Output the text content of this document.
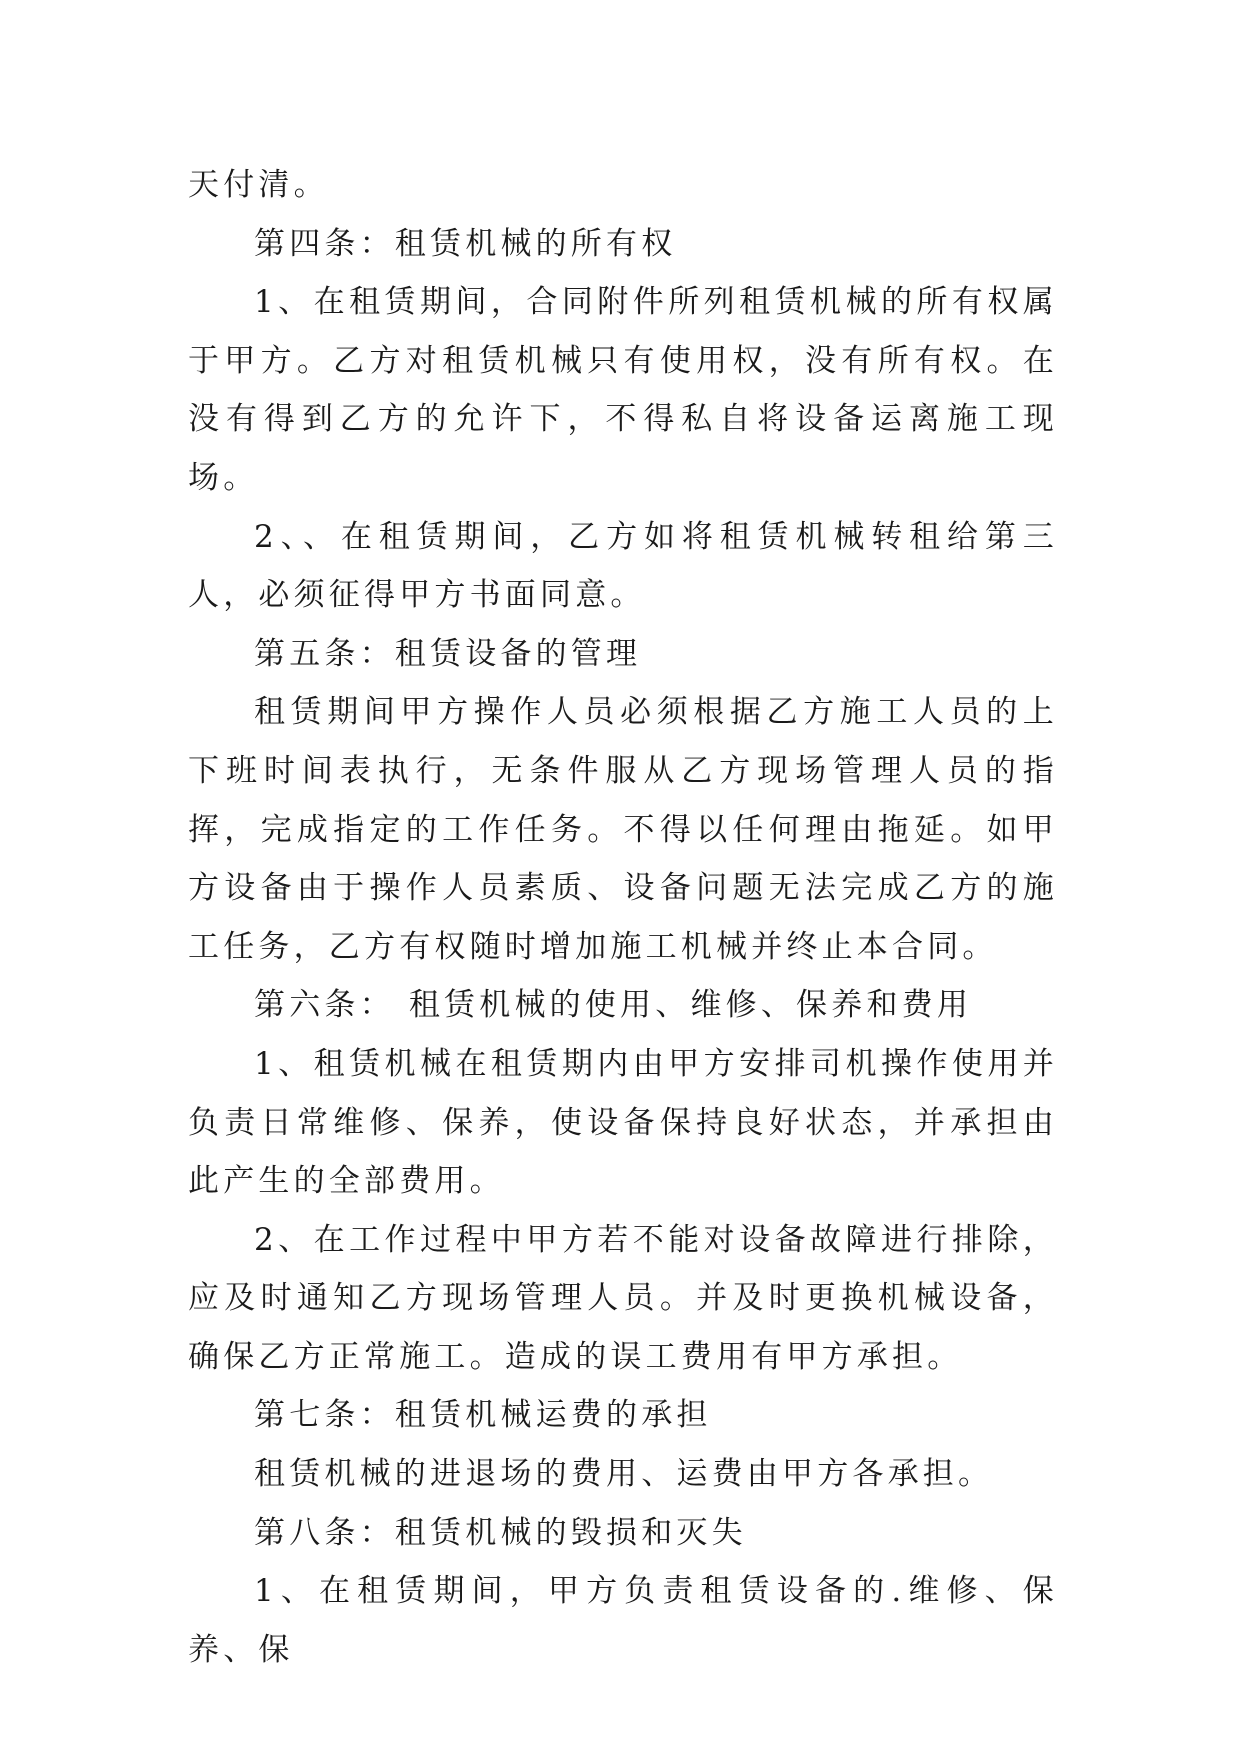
天付清。

第四条：租赁机械的所有权

1、在租赁期间，合同附件所列租赁机械的所有权属于甲方。乙方对租赁机械只有使用权，没有所有权。在没有得到乙方的允许下，不得私自将设备运离施工现场。

2、、在租赁期间，乙方如将租赁机械转租给第三人，必须征得甲方书面同意。

第五条：租赁设备的管理

租赁期间甲方操作人员必须根据乙方施工人员的上下班时间表执行，无条件服从乙方现场管理人员的指挥，完成指定的工作任务。不得以任何理由拖延。如甲方设备由于操作人员素质、设备问题无法完成乙方的施工任务，乙方有权随时增加施工机械并终止本合同。

第六条： 租赁机械的使用、维修、保养和费用

1、租赁机械在租赁期内由甲方安排司机操作使用并负责日常维修、保养，使设备保持良好状态，并承担由此产生的全部费用。

2、在工作过程中甲方若不能对设备故障进行排除，应及时通知乙方现场管理人员。并及时更换机械设备，确保乙方正常施工。造成的误工费用有甲方承担。

第七条：租赁机械运费的承担

租赁机械的进退场的费用、运费由甲方各承担。

第八条：租赁机械的毁损和灭失

1、在租赁期间，甲方负责租赁设备的.维修、保养、保
